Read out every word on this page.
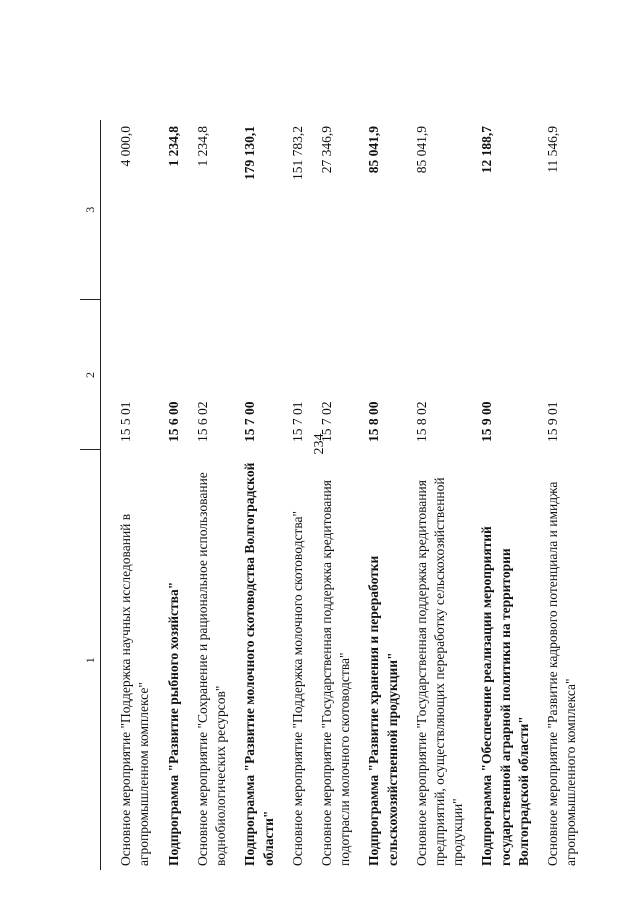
234
1	2	3
Основное мероприятие "Поддержка научных исследований в агропромышленном комплексе"	15 5 01	4 000,0
Подпрограмма "Развитие рыбного хозяйства"	15 6 00	1 234,8
Основное мероприятие "Сохранение и рациональное использование воднобиологических ресурсов"	15 6 02	1 234,8
Подпрограмма "Развитие молочного скотоводства Волгоградской области"	15 7 00	179 130,1
Основное мероприятие "Поддержка молочного скотоводства"	15 7 01	151 783,2
Основное мероприятие "Государственная поддержка кредитования подотрасли молочного скотоводства"	15 7 02	27 346,9
Подпрограмма "Развитие хранения и переработки сельскохозяйственной продукции"	15 8 00	85 041,9
Основное мероприятие "Государственная поддержка кредитования предприятий, осуществляющих переработку сельскохозяйственной продукции"	15 8 02	85 041,9
Подпрограмма "Обеспечение реализации мероприятий государственной аграрной политики на территории Волгоградской области"	15 9 00	12 188,7
Основное мероприятие "Развитие кадрового потенциала и имиджа агропромышленного комплекса"	15 9 01	11 546,9
